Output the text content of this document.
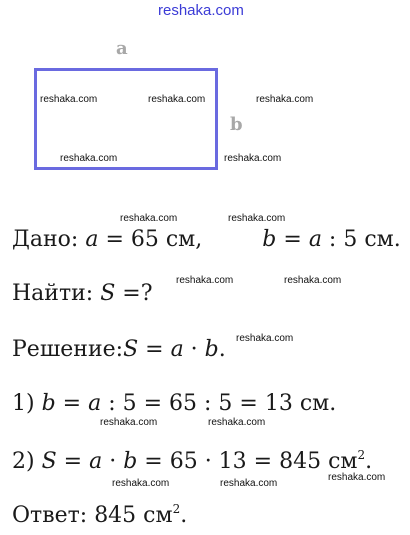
reshaka.com
a
b
reshaka.com	reshaka.com	reshaka.com
reshaka.com	reshaka.com
reshaka.com	reshaka.com
reshaka.com	reshaka.com
reshaka.com
reshaka.com	reshaka.com
reshaka.com	reshaka.com
reshaka.com
Дано: a = 65 см,	b = a : 5 см.
Найти: S =?
Решение:S = a · b.
1) b = a : 5 = 65 : 5 = 13 см.
2) S = a · b = 65 · 13 = 845 $см^2$.
Ответ: 845 $см^2$.
